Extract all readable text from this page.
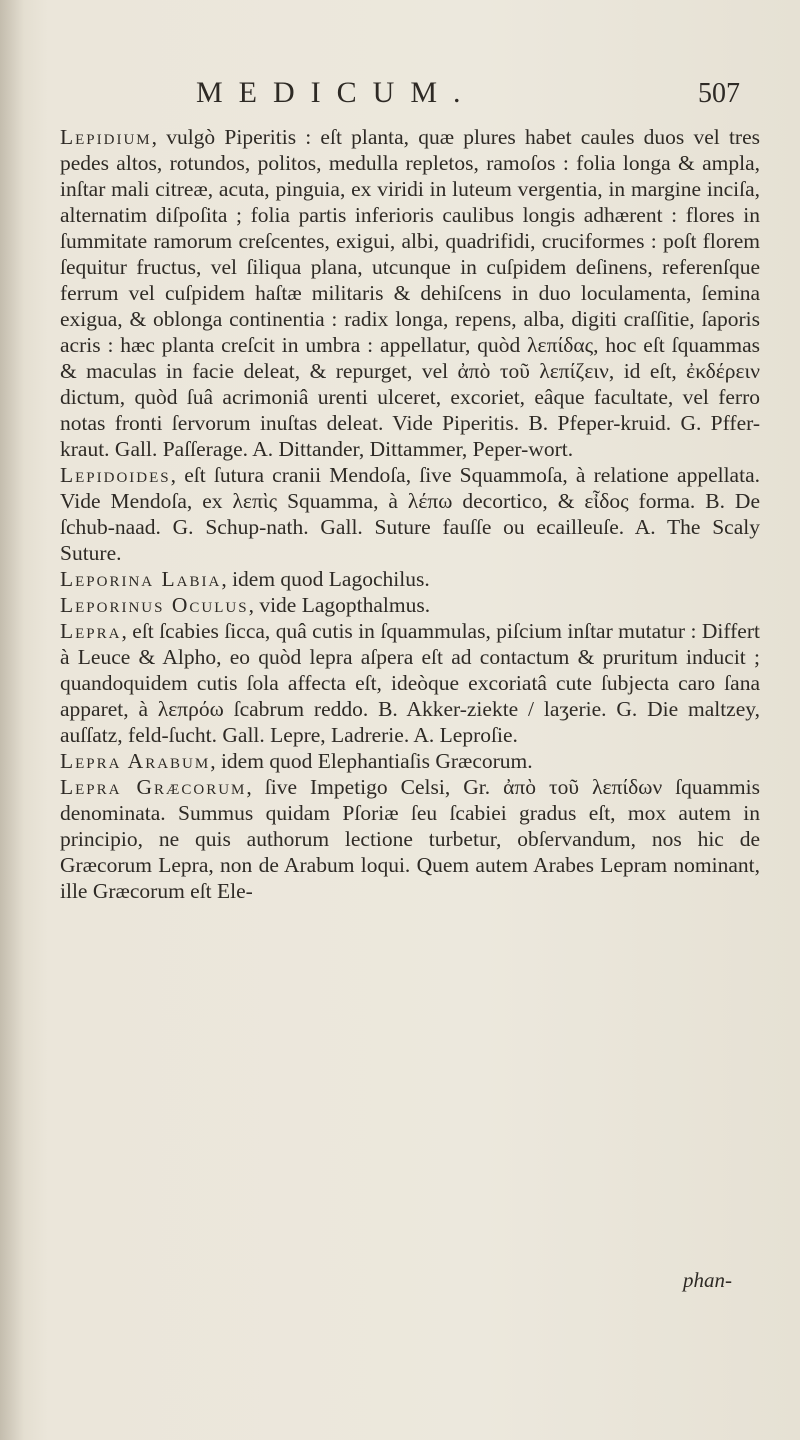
MEDICUM.	507

Lepidium, vulgò Piperitis : eſt planta, quæ plures habet caules duos vel tres pedes altos, rotundos, politos, medulla repletos, ramoſos : folia longa & ampla, inſtar mali citreæ, acuta, pinguia, ex viridi in luteum vergentia, in margine inciſa, alternatim diſpoſita ; folia partis inferioris caulibus longis adhærent : flores in ſummitate ramorum creſcentes, exigui, albi, quadrifidi, cruciformes : poſt florem ſequitur fructus, vel ſiliqua plana, utcunque in cuſpidem deſinens, referenſque ferrum vel cuſpidem haſtæ militaris & dehiſcens in duo loculamenta, ſemina exigua, & oblonga continentia : radix longa, repens, alba, digiti craſſitie, ſaporis acris : hæc planta creſcit in umbra : appellatur, quòd λεπίδας, hoc eſt ſquammas & maculas in facie deleat, & repurget, vel ἀπὸ τοῦ λεπίζειν, id eſt, ἐκδέρειν dictum, quòd ſuâ acrimoniâ urenti ulceret, excoriet, eâque facultate, vel ferro notas fronti ſervorum inuſtas deleat. Vide Piperitis. B. Pfeper-kruid. G. Pffer-kraut. Gall. Paſſerage. A. Dittander, Dittammer, Peper-wort.

Lepidoides, eſt ſutura cranii Mendoſa, ſive Squammoſa, à relatione appellata. Vide Mendoſa, ex λεπὶς Squamma, à λέπω decortico, & εἶδος forma. B. De ſchub-naad. G. Schup-nath. Gall. Suture fauſſe ou ecailleuſe. A. The Scaly Suture.

Leporina Labia, idem quod Lagochilus.

Leporinus Oculus, vide Lagopthalmus.

Lepra, eſt ſcabies ſicca, quâ cutis in ſquammulas, piſcium inſtar mutatur : Differt à Leuce & Alpho, eo quòd lepra aſpera eſt ad contactum & pruritum inducit ; quandoquidem cutis ſola affecta eſt, ideòque excoriatâ cute ſubjecta caro ſana apparet, à λεπρόω ſcabrum reddo. B. Akker-ziekte / laʒerie. G. Die maltzey, auſſatz, feld-ſucht. Gall. Lepre, Ladrerie. A. Leproſie.

Lepra Arabum, idem quod Elephantiaſis Græcorum.

Lepra Græcorum, ſive Impetigo Celsi, Gr. ἀπὸ τοῦ λεπίδων ſquammis denominata. Summus quidam Pſoriæ ſeu ſcabiei gradus eſt, mox autem in principio, ne quis authorum lectione turbetur, obſervandum, nos hic de Græcorum Lepra, non de Arabum loqui. Quem autem Arabes Lepram nominant, ille Græcorum eſt Ele-

phan-
